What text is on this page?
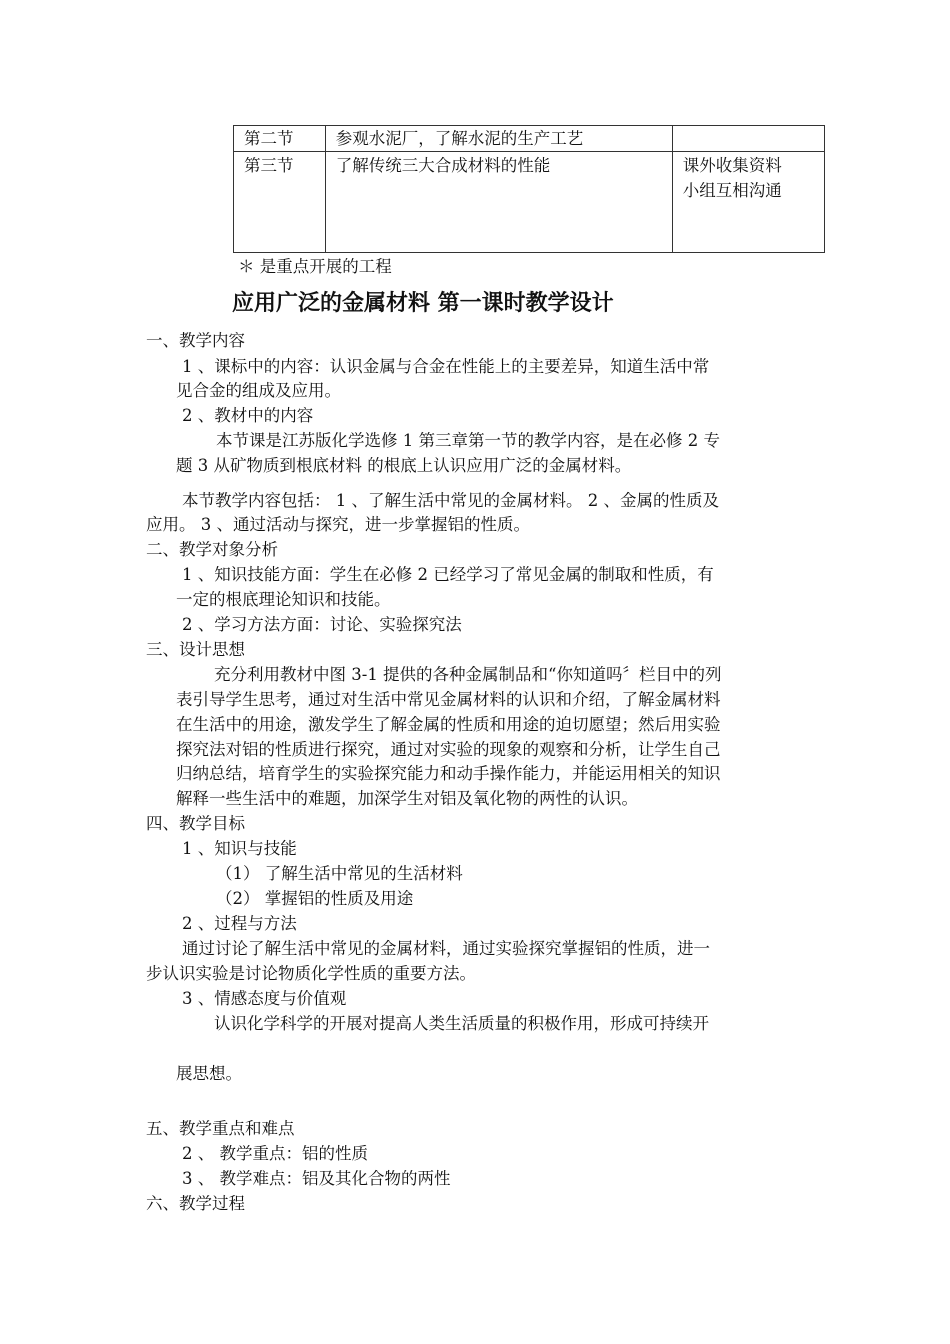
第二节	参观水泥厂，了解水泥的生产工艺	
第三节	了解传统三大合成材料的性能	课外收集资料
小组互相沟通
＊ 是重点开展的工程
应用广泛的金属材料 第一课时教学设计
一、教学内容
1 、课标中的内容：认识金属与合金在性能上的主要差异，知道生活中常
见合金的组成及应用。
2 、教材中的内容
本节课是江苏版化学选修 1 第三章第一节的教学内容，是在必修 2 专
题 3 从矿物质到根底材料 的根底上认识应用广泛的金属材料。
本节教学内容包括： 1 、了解生活中常见的金属材料。 2 、金属的性质及
应用。 3 、通过活动与探究，进一步掌握铝的性质。
二、教学对象分析
1 、知识技能方面：学生在必修 2 已经学习了常见金属的制取和性质，有
一定的根底理论知识和技能。
2 、学习方法方面：讨论、实验探究法
三、设计思想
充分利用教材中图 3-1 提供的各种金属制品和“你知道吗〞栏目中的列
表引导学生思考，通过对生活中常见金属材料的认识和介绍，了解金属材料
在生活中的用途，激发学生了解金属的性质和用途的迫切愿望；然后用实验
探究法对铝的性质进行探究，通过对实验的现象的观察和分析，让学生自己
归纳总结，培育学生的实验探究能力和动手操作能力，并能运用相关的知识
解释一些生活中的难题，加深学生对铝及氧化物的两性的认识。
四、教学目标
1 、知识与技能
（1） 了解生活中常见的生活材料
（2） 掌握铝的性质及用途
2 、过程与方法
通过讨论了解生活中常见的金属材料，通过实验探究掌握铝的性质，进一
步认识实验是讨论物质化学性质的重要方法。
3 、情感态度与价值观
认识化学科学的开展对提高人类生活质量的积极作用，形成可持续开
展思想。
五、教学重点和难点
2 、 教学重点：铝的性质
3 、 教学难点：铝及其化合物的两性
六、教学过程
